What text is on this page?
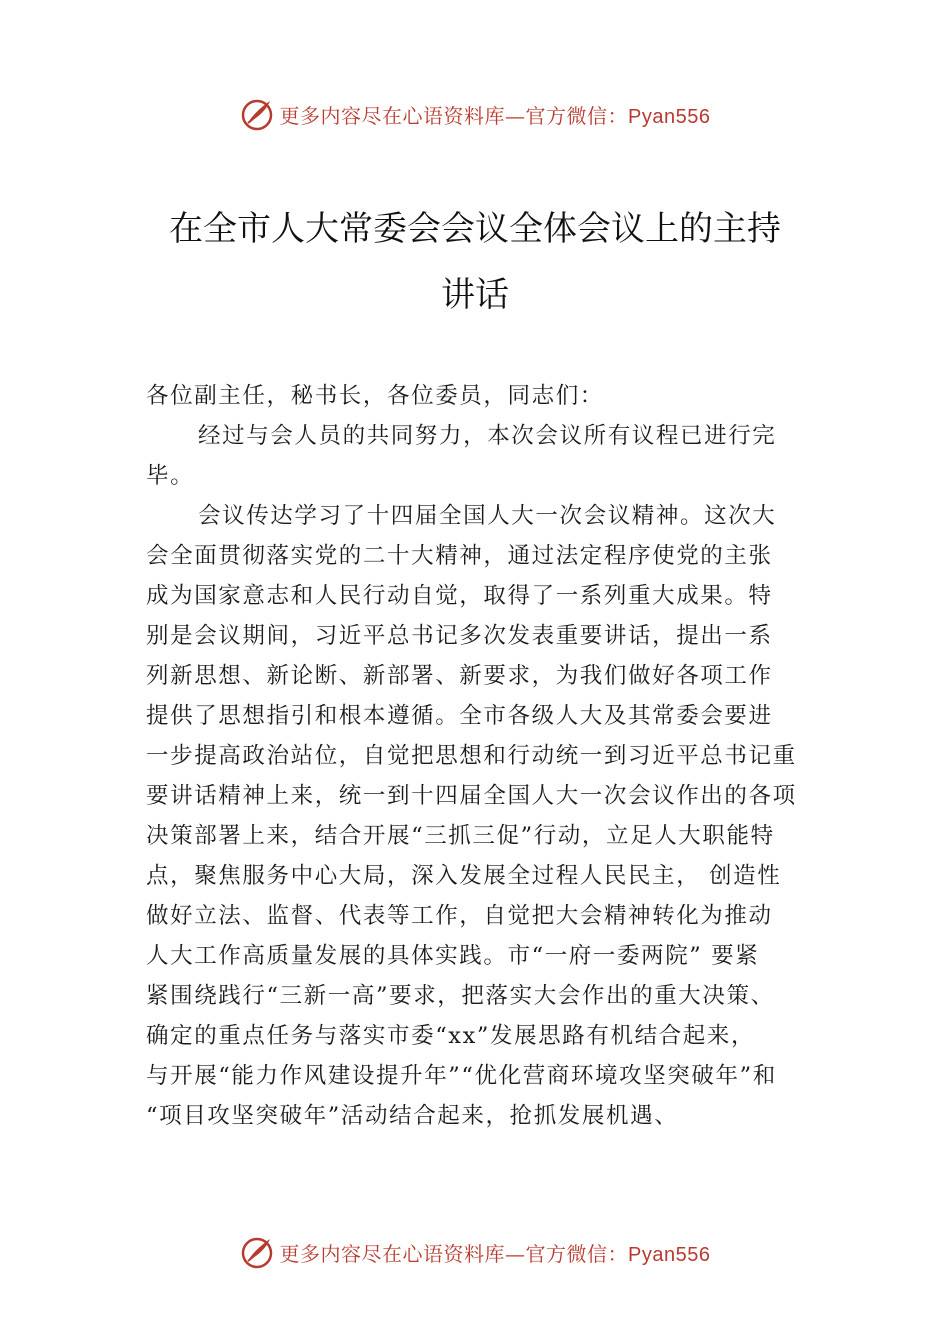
更多内容尽在心语资料库—官方微信：Pyan556
在全市人大常委会会议全体会议上的主持
讲话

各位副主任，秘书长，各位委员，同志们：

经过与会人员的共同努力，本次会议所有议程已进行完
毕。

会议传达学习了十四届全国人大一次会议精神。这次大
会全面贯彻落实党的二十大精神，通过法定程序使党的主张
成为国家意志和人民行动自觉，取得了一系列重大成果。特
别是会议期间，习近平总书记多次发表重要讲话，提出一系
列新思想、新论断、新部署、新要求，为我们做好各项工作
提供了思想指引和根本遵循。全市各级人大及其常委会要进
一步提高政治站位，自觉把思想和行动统一到习近平总书记重
要讲话精神上来，统一到十四届全国人大一次会议作出的各项
决策部署上来，结合开展“三抓三促”行动，立足人大职能特
点，聚焦服务中心大局，深入发展全过程人民民主， 创造性
做好立法、监督、代表等工作，自觉把大会精神转化为推动
人大工作高质量发展的具体实践。市“一府一委两院” 要紧
紧围绕践行“三新一高”要求，把落实大会作出的重大决策、
确定的重点任务与落实市委“xx”发展思路有机结合起来，
与开展“能力作风建设提升年”“优化营商环境攻坚突破年”和
“项目攻坚突破年”活动结合起来，抢抓发展机遇、

更多内容尽在心语资料库—官方微信：Pyan556
